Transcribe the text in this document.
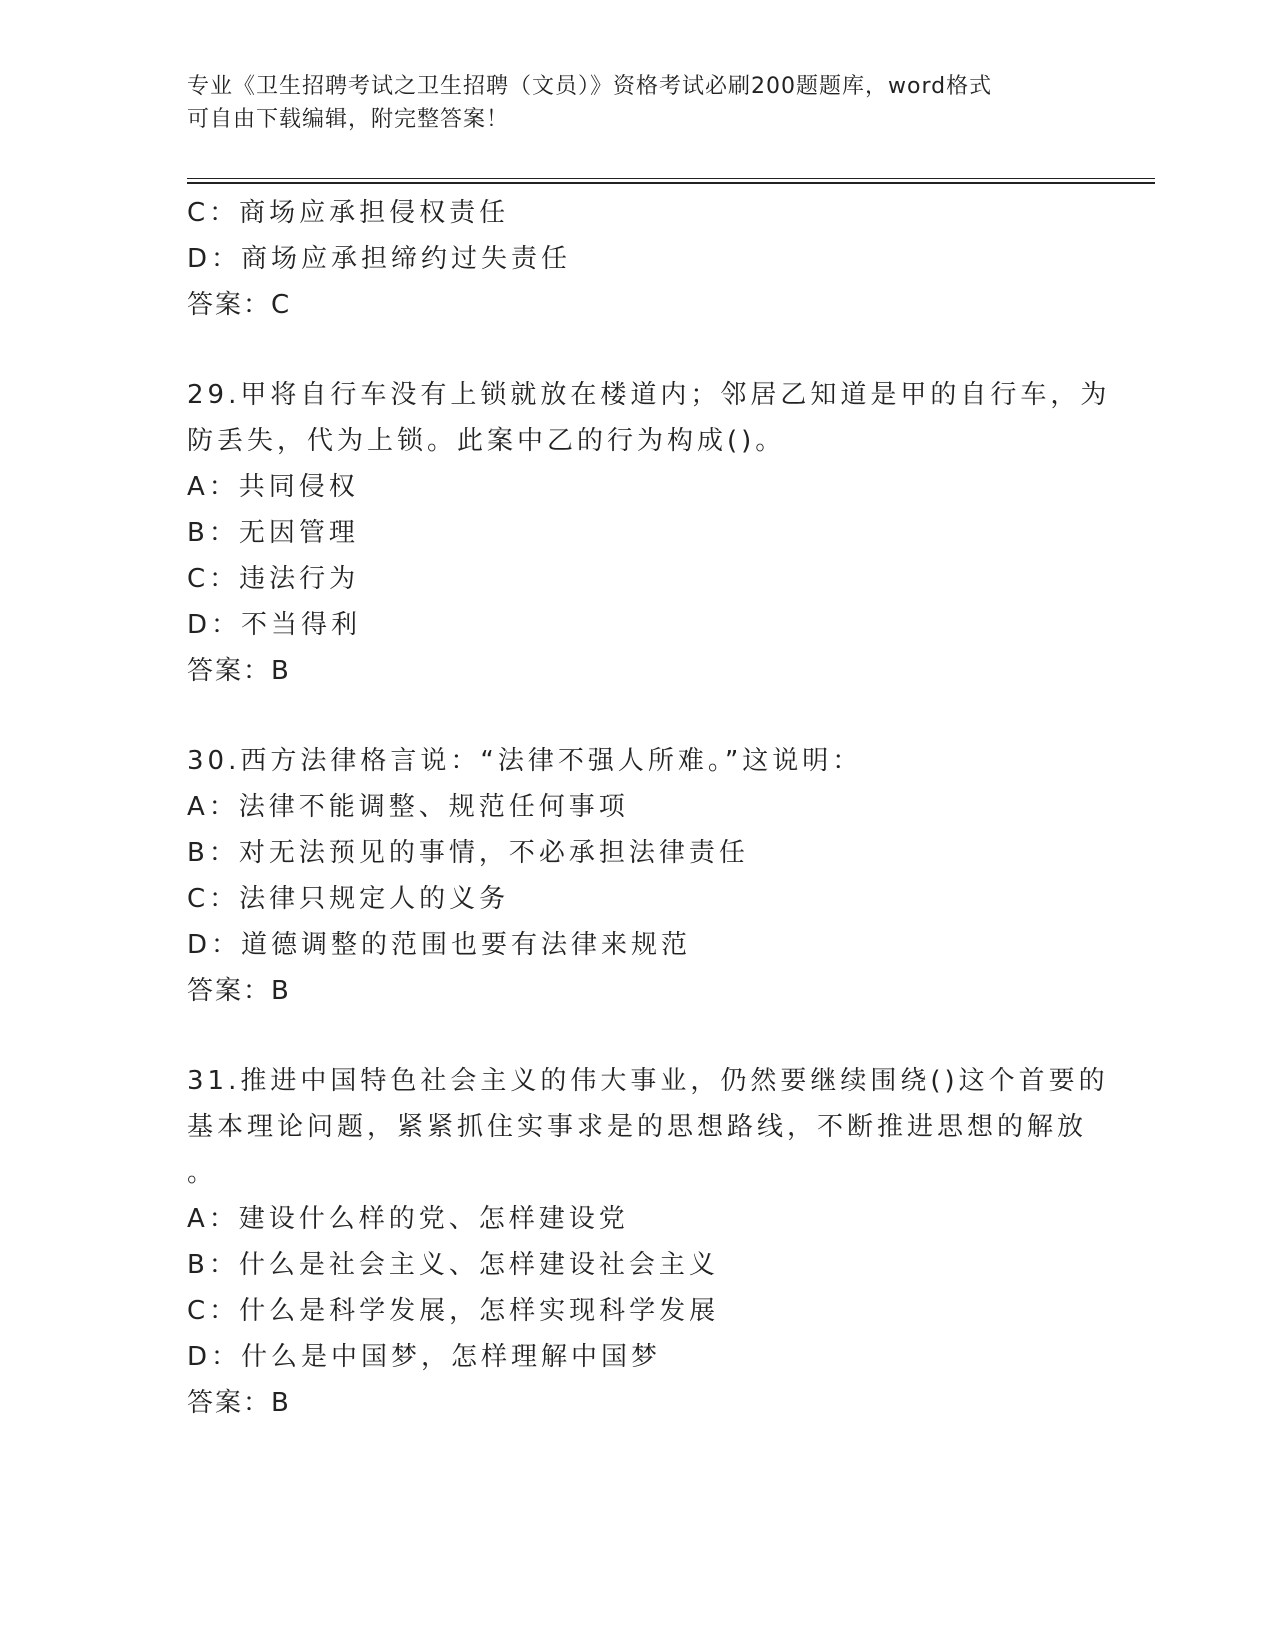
专业《卫生招聘考试之卫生招聘（文员）》资格考试必刷200题题库，word格式
可自由下载编辑，附完整答案！
C：商场应承担侵权责任
D：商场应承担缔约过失责任
答案：C
29.甲将自行车没有上锁就放在楼道内；邻居乙知道是甲的自行车，为
防丢失，代为上锁。此案中乙的行为构成()。
A：共同侵权
B：无因管理
C：违法行为
D：不当得利
答案：B
30.西方法律格言说：“法律不强人所难。”这说明：
A：法律不能调整、规范任何事项
B：对无法预见的事情，不必承担法律责任
C：法律只规定人的义务
D：道德调整的范围也要有法律来规范
答案：B
31.推进中国特色社会主义的伟大事业，仍然要继续围绕()这个首要的
基本理论问题，紧紧抓住实事求是的思想路线，不断推进思想的解放
。
A：建设什么样的党、怎样建设党
B：什么是社会主义、怎样建设社会主义
C：什么是科学发展，怎样实现科学发展
D：什么是中国梦，怎样理解中国梦
答案：B
